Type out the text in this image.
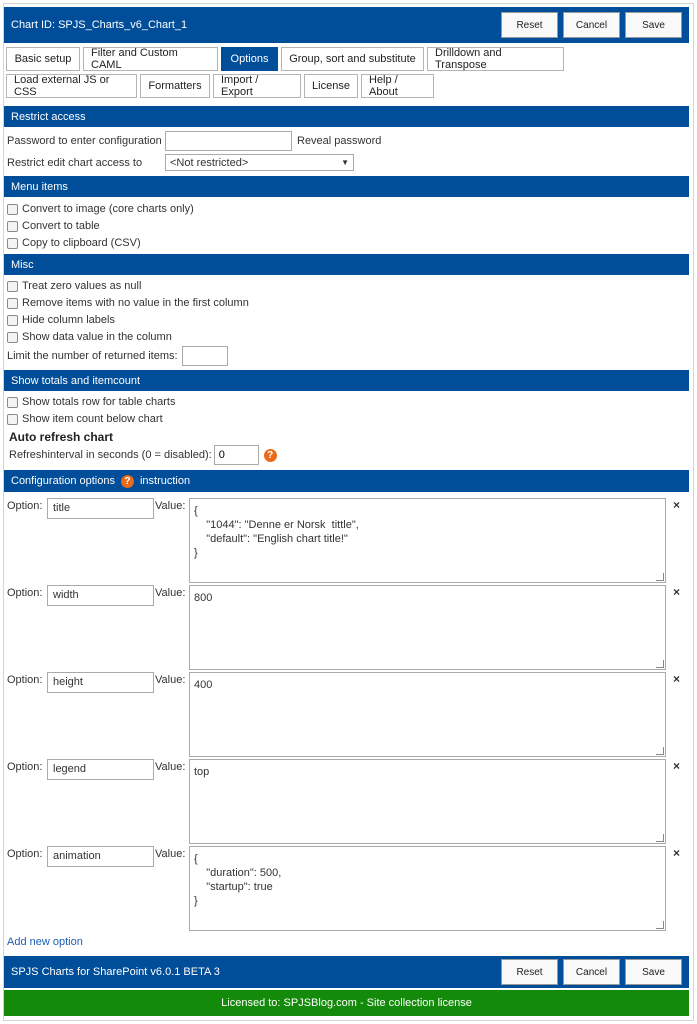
Chart ID: SPJS_Charts_v6_Chart_1	Reset	Cancel	Save
Basic setup	Filter and Custom CAML	Options	Group, sort and substitute	Drilldown and Transpose
Load external JS or CSS	Formatters	Import / Export	License	Help / About
Restrict access
Password to enter configuration	Reveal password
Restrict edit chart access to	<Not restricted>	▼
Menu items
Convert to image (core charts only)
Convert to table
Copy to clipboard (CSV)
Misc
Treat zero values as null
Remove items with no value in the first column
Hide column labels
Show data value in the column
Limit the number of returned items:
Show totals and itemcount
Show totals row for table charts
Show item count below chart
Auto refresh chart
Refreshinterval in seconds (0 = disabled):
0	?
Configuration options ? instruction
Option: title	Value: {
"1044": "Denne er Norsk  tittle",
"default": "English chart title!"
}
×
Option: width	Value: 800	×
Option: height	Value: 400	×
Option: legend	Value: top	×
Option: animation	Value: {
"duration": 500,
"startup": true
}
×
Add new option
SPJS Charts for SharePoint v6.0.1 BETA 3	Reset	Cancel	Save
Licensed to: SPJSBlog.com - Site collection license
